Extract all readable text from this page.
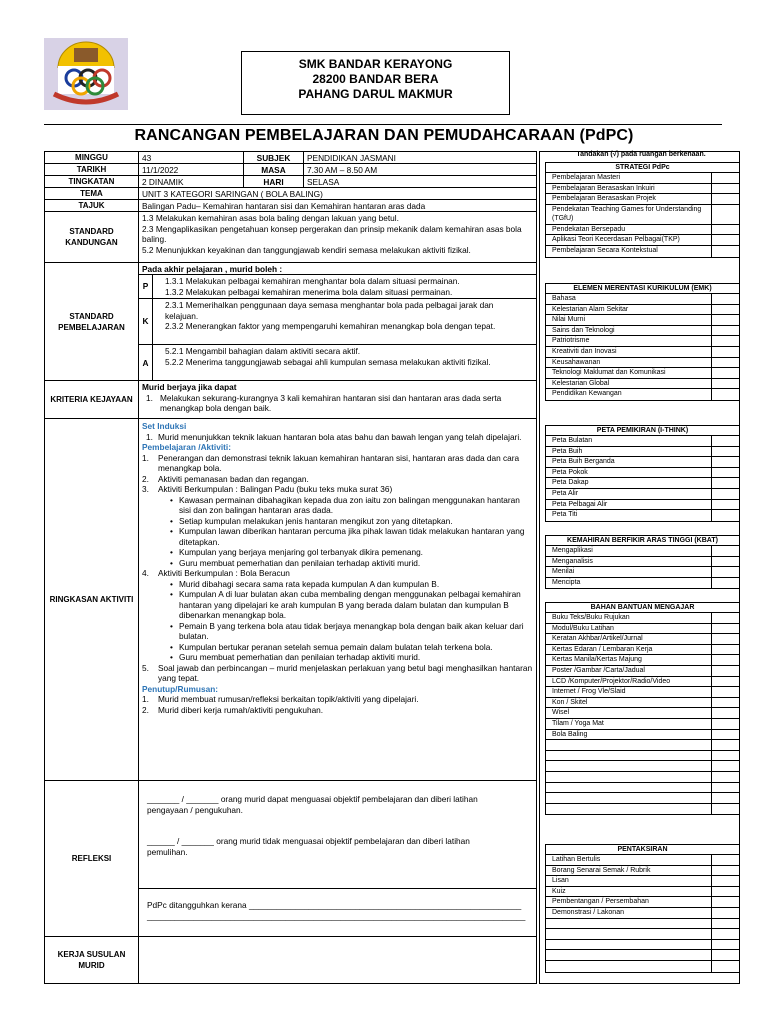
SMK BANDAR KERAYONG
28200 BANDAR BERA
PAHANG DARUL MAKMUR
RANCANGAN PEMBELAJARAN DAN PEMUDAHCARAAN (PdPC)
MINGGU	43	SUBJEK	PENDIDIKAN JASMANI
TARIKH	11/1/2022	MASA	7.30 AM – 8.50 AM
TINGKATAN	2 DINAMIK	HARI	SELASA
TEMA	UNIT 3 KATEGORI SARINGAN ( BOLA BALING)
TAJUK	Balingan Padu– Kemahiran hantaran sisi dan Kemahiran hantaran aras dada
STANDARD KANDUNGAN
1.3 Melakukan kemahiran asas bola baling dengan lakuan yang betul.
2.3 Mengaplikasikan pengetahuan konsep pergerakan dan prinsip mekanik dalam kemahiran asas bola baling.
5.2 Menunjukkan keyakinan dan tanggungjawab kendiri semasa melakukan aktiviti fizikal.
STANDARD PEMBELAJARAN
Pada akhir pelajaran , murid boleh :
P
1.3.1 Melakukan pelbagai kemahiran menghantar bola dalam situasi permainan.
1.3.2 Melakukan pelbagai kemahiran menerima bola dalam situasi permainan.
K
2.3.1 Memerihalkan penggunaan daya semasa menghantar bola pada pelbagai jarak dan kelajuan.
2.3.2 Menerangkan faktor yang mempengaruhi kemahiran menangkap bola dengan tepat.
A
5.2.1 Mengambil bahagian dalam aktiviti secara aktif.
5.2.2 Menerima tanggungjawab sebagai ahli kumpulan semasa melakukan aktiviti fizikal.
KRITERIA KEJAYAAN
Murid berjaya jika dapat
1. Melakukan sekurang-kurangnya 3 kali kemahiran hantaran sisi dan hantaran aras dada serta menangkap bola dengan baik.
RINGKASAN AKTIVITI
Set Induksi
1. Murid menunjukkan teknik lakuan hantaran bola atas bahu dan bawah lengan yang telah dipelajari.
Pembelajaran /Aktiviti:
1.	Penerangan dan demonstrasi teknik lakuan kemahiran hantaran sisi, hantaran aras dada dan cara menangkap bola.
2.	Aktiviti pemanasan badan dan regangan.
3.	Aktiviti Berkumpulan : Balingan Padu (buku teks muka surat 36)
• Kawasan permainan dibahagikan kepada dua zon iaitu zon balingan menggunakan hantaran sisi dan zon balingan hantaran aras dada.
• Setiap kumpulan melakukan jenis hantaran mengikut zon yang ditetapkan.
• Kumpulan lawan diberikan hantaran percuma jika pihak lawan tidak melakukan hantaran yang ditetapkan.
• Kumpulan yang berjaya menjaring gol terbanyak dikira pemenang.
• Guru membuat pemerhatian dan penilaian terhadap aktiviti murid.
4.	Aktiviti Berkumpulan : Bola Beracun
• Murid dibahagi secara sama rata kepada kumpulan A dan kumpulan B.
• Kumpulan A di luar bulatan akan cuba membaling dengan menggunakan pelbagai kemahiran hantaran yang dipelajari ke arah kumpulan B yang berada dalam bulatan dan kumpulan B dibenarkan menangkap bola.
• Pemain B yang terkena bola atau tidak berjaya menangkap bola dengan baik akan keluar dari bulatan.
• Kumpulan bertukar peranan setelah semua pemain dalam bulatan telah terkena bola.
• Guru membuat pemerhatian dan penilaian terhadap aktiviti murid.
5.	Soal jawab dan perbincangan – murid menjelaskan perlakuan yang betul bagi menghasilkan hantaran yang tepat.
Penutup/Rumusan:
1.	Murid membuat rumusan/refleksi berkaitan topik/aktiviti yang dipelajari.
2.	Murid diberi kerja rumah/aktiviti pengukuhan.
REFLEKSI
_______ / _______ orang murid dapat menguasai objektif pembelajaran dan diberi latihan
pengayaan / pengukuhan.
______ / _______ orang murid tidak menguasai objektif pembelajaran dan diberi latihan
pemulihan.
PdPc ditangguhkan kerana ___________________________________________________________
__________________________________________________________________________________
KERJA SUSULAN MURID
Tandakan (√) pada ruangan berkenaan.
STRATEGI PdPc
Pembelajaran Masteri
Pembelajaran Berasaskan Inkuiri
Pembelajaran Berasaskan Projek
Pendekatan Teaching Games for Understanding (TGfU)
Pendekatan Bersepadu
Aplikasi Teori Kecerdasan Pelbagai(TKP)
Pembelajaran Secara Kontekstual
ELEMEN MERENTASI KURIKULUM (EMK)
Bahasa
Kelestarian Alam Sekitar
Nilai Murni
Sains dan Teknologi
Patriotrisme
Kreativiti dan Inovasi
Keusahawanan
Teknologi Maklumat dan Komunikasi
Kelestarian Global
Pendidikan Kewangan
PETA PEMIKIRAN (I-THINK)
Peta Bulatan
Peta Buih
Peta Buih Berganda
Peta Pokok
Peta Dakap
Peta Alir
Peta Pelbagai Alir
Peta Titi
KEMAHIRAN BERFIKIR ARAS TINGGI (KBAT)
Mengaplikasi
Menganalisis
Menilai
Mencipta
BAHAN BANTUAN MENGAJAR
Buku Teks/Buku Rujukan
Modul/Buku Latihan
Keratan Akhbar/Artikel/Jurnal
Kertas Edaran / Lembaran Kerja
Kertas Manila/Kertas Majung
Poster /Gambar /Carta/Jadual
LCD /Komputer/Projektor/Radio/Video
Internet / Frog Vle/Slaid
Kon / Skitel
Wisel
Tilam / Yoga Mat
Bola Baling
PENTAKSIRAN
Latihan Bertulis
Borang Senarai Semak / Rubrik
Lisan
Kuiz
Pembentangan / Persembahan
Demonstrasi / Lakonan
